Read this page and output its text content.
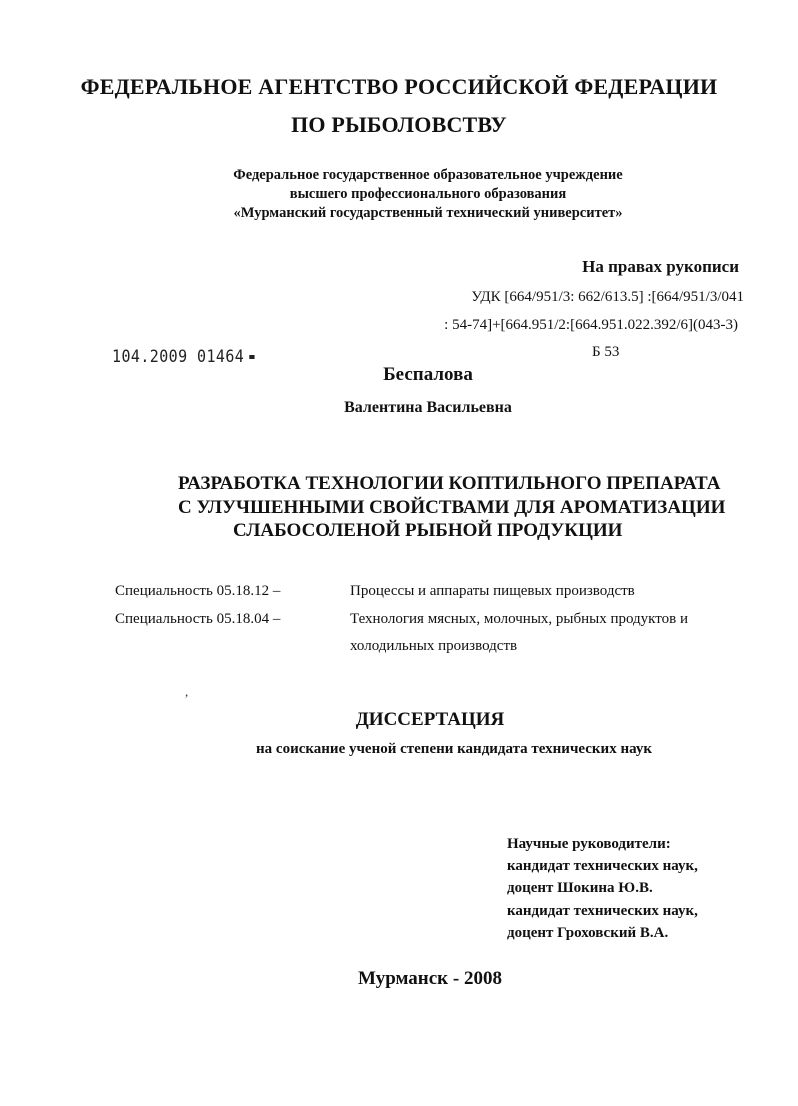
ФЕДЕРАЛЬНОЕ АГЕНТСТВО РОССИЙСКОЙ ФЕДЕРАЦИИ
ПО РЫБОЛОВСТВУ
Федеральное государственное образовательное учреждение
высшего профессионального образования
«Мурманский государственный технический университет»
На правах рукописи
УДК [664/951/3: 662/613.5] :[664/951/3/041
: 54-74]+[664.951/2:[664.951.022.392/6](043-3)
Б 53
104.2009 01464
Беспалова
Валентина Васильевна
РАЗРАБОТКА ТЕХНОЛОГИИ КОПТИЛЬНОГО ПРЕПАРАТА
С УЛУЧШЕННЫМИ СВОЙСТВАМИ ДЛЯ АРОМАТИЗАЦИИ
СЛАБОСОЛЕНОЙ РЫБНОЙ ПРОДУКЦИИ
Специальность 05.18.12 –	Процессы и аппараты пищевых производств
Специальность 05.18.04 –	Технология мясных, молочных, рыбных продуктов и
холодильных производств
,
ДИССЕРТАЦИЯ
на соискание ученой степени кандидата технических наук
Научные руководители:
кандидат технических наук,
доцент Шокина Ю.В.
кандидат технических наук,
доцент Гроховский В.А.
Мурманск - 2008
